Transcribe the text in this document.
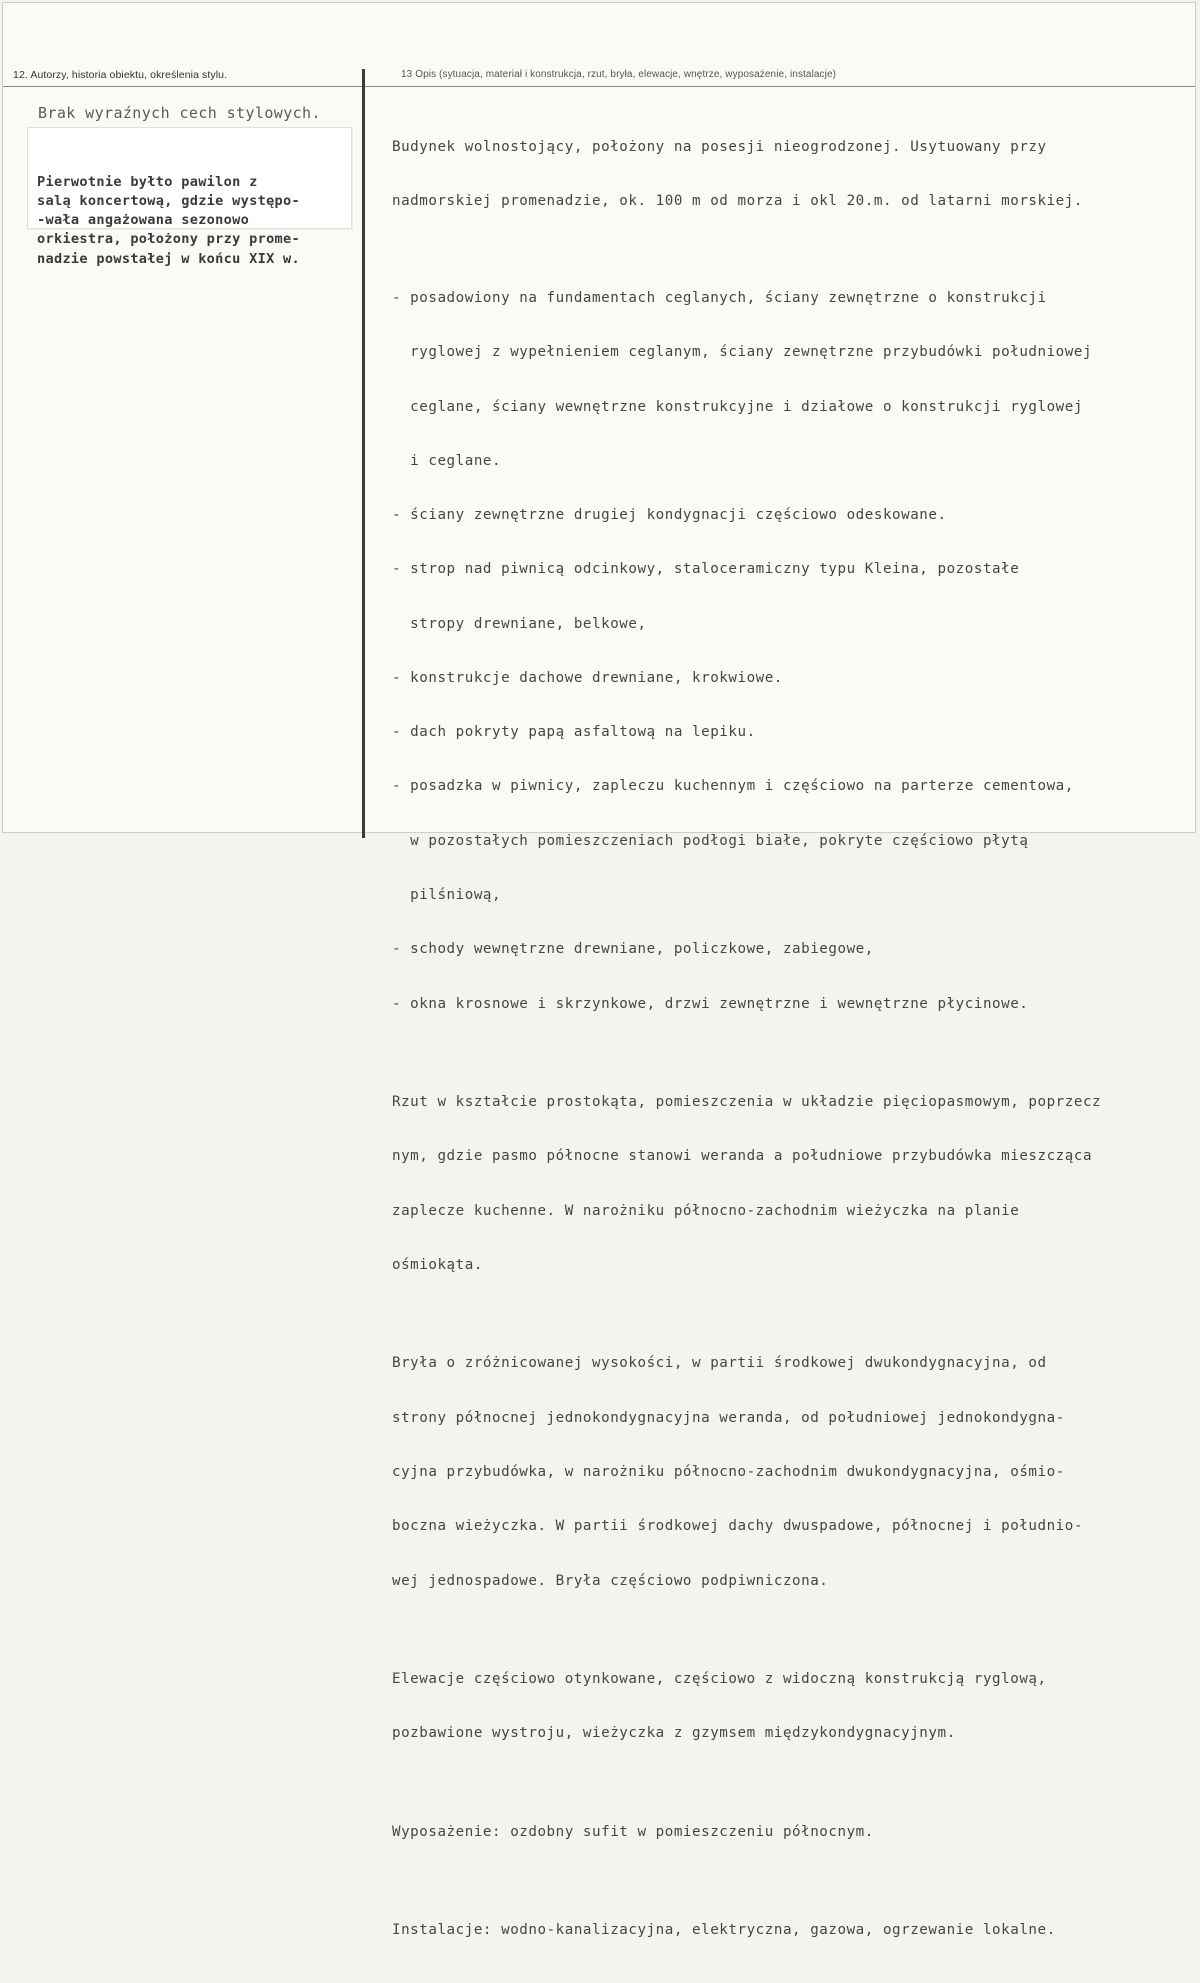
12. Autorzy, historia obiektu, określenia stylu.	13 Opis (sytuacja, materiał i konstrukcja, rzut, bryła, elewacje, wnętrze, wyposażenie, instalacje)
Brak wyraźnych cech stylowych.

Pierwotnie byłto pawilon z
salą koncertową, gdzie występo-
-wała angażowana sezonowo
orkiestra, położony przy prome-
nadzie powstałej w końcu XIX w.

Budynek wolnostojący, położony na posesji nieogrodzonej. Usytuowany przy

nadmorskiej promenadzie, ok. 100 m od morza i okl 20.m. od latarni morskiej.

- posadowiony na fundamentach ceglanych, ściany zewnętrzne o konstrukcji

ryglowej z wypełnieniem ceglanym, ściany zewnętrzne przybudówki południowej

ceglane, ściany wewnętrzne konstrukcyjne i działowe o konstrukcji ryglowej

i ceglane.

- ściany zewnętrzne drugiej kondygnacji częściowo odeskowane.

- strop nad piwnicą odcinkowy, staloceramiczny typu Kleina, pozostałe

stropy drewniane, belkowe,

- konstrukcje dachowe drewniane, krokwiowe.

- dach pokryty papą asfaltową na lepiku.

- posadzka w piwnicy, zapleczu kuchennym i częściowo na parterze cementowa,

w pozostałych pomieszczeniach podłogi białe, pokryte częściowo płytą

pilśniową,

- schody wewnętrzne drewniane, policzkowe, zabiegowe,

- okna krosnowe i skrzynkowe, drzwi zewnętrzne i wewnętrzne płycinowe.

Rzut w kształcie prostokąta, pomieszczenia w układzie pięciopasmowym, poprzecz

nym, gdzie pasmo północne stanowi weranda a południowe przybudówka mieszcząca

zaplecze kuchenne. W narożniku północno-zachodnim wieżyczka na planie

ośmiokąta.

Bryła o zróżnicowanej wysokości, w partii środkowej dwukondygnacyjna, od

strony północnej jednokondygnacyjna weranda, od południowej jednokondygna-

cyjna przybudówka, w narożniku północno-zachodnim dwukondygnacyjna, ośmio-

boczna wieżyczka. W partii środkowej dachy dwuspadowe, północnej i południo-

wej jednospadowe. Bryła częściowo podpiwniczona.

Elewacje częściowo otynkowane, częściowo z widoczną konstrukcją ryglową,

pozbawione wystroju, wieżyczka z gzymsem międzykondygnacyjnym.

Wyposażenie: ozdobny sufit w pomieszczeniu północnym.

Instalacje: wodno-kanalizacyjna, elektryczna, gazowa, ogrzewanie lokalne.
